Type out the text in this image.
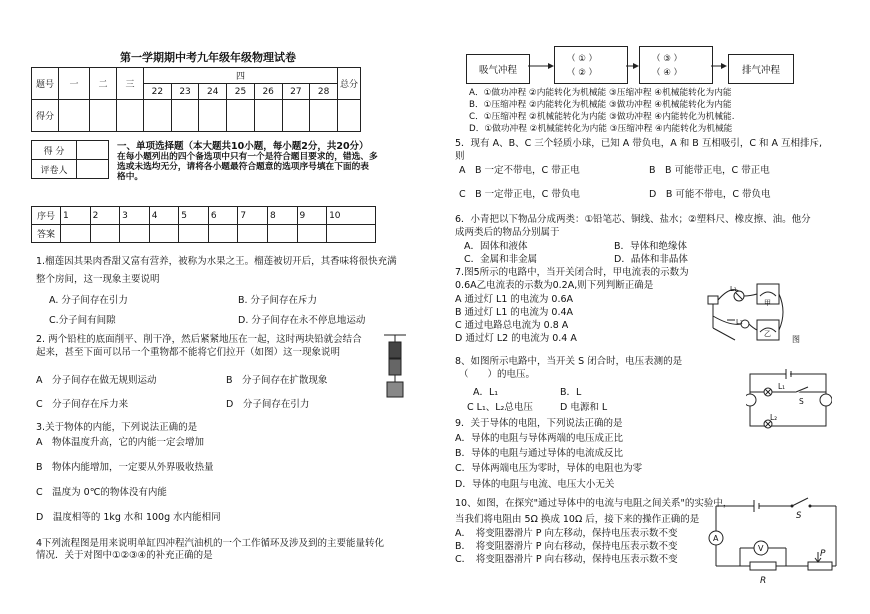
第一学期期中考九年级年级物理试卷
题号	一	二	三	四							总分
				22	23	24	25	26	27	28	
得分											
得 分	
评卷人	
一、单项选择题（本大题共10小题，每小题2分，共20分）
在每小题列出的四个备选项中只有一个是符合题目要求的，错选、多
选或未选均无分，请将各小题最符合题意的选项序号填在下面的表
格中。
序号	1	2	3	4	5	6	7	8	9	10
答案										
1.榴莲因其果肉香甜又富有营养，被称为水果之王。榴莲被切开后，其香味将很快充满
整个房间，这一现象主要说明
A. 分子间存在引力	B. 分子间存在斥力
C.分子间有间隙	D. 分子间存在永不停息地运动
2. 两个铅柱的底面削平、削干净，然后紧紧地压在一起，这时两块铅就会结合
起来，甚至下面可以吊一个重物都不能将它们拉开（如图）这一现象说明
A　分子间存在做无规则运动	B　分子间存在扩散现象
C　分子间存在斥力来	D　分子间存在引力
3.关于物体的内能，下列说法正确的是
A　物体温度升高，它的内能一定会增加
B　物体内能增加，一定要从外界吸收热量
C　温度为 0℃的物体没有内能
D　温度相等的 1kg 水和 100g 水内能相同
4下列流程图是用来说明单缸四冲程汽油机的一个工作循环及涉及到的主要能量转化
情况．关于对图中①②③④的补充正确的是
吸气冲程
（ ① ）
（ ② ）
（ ③ ）
（ ④ ）	排气冲程
A．①做功冲程 ②内能转化为机械能 ③压缩冲程 ④机械能转化为内能
B．①压缩冲程 ②内能转化为机械能 ③做功冲程 ④机械能转化为内能
C．①压缩冲程 ②机械能转化为内能 ③做功冲程 ④内能转化为机械能.
D．①做功冲程 ②机械能转化为内能 ③压缩冲程 ④内能转化为机械能
5．现有 A、B、C 三个轻质小球，已知 A 带负电，A 和 B 互相吸引，C 和 A 互相排斥,
则
A　B 一定不带电，C 带正电	B　B 可能带正电，C 带正电
C　B 一定带正电，C 带负电	D　B 可能不带电，C 带负电
6．小青把以下物品分成两类：①铅笔芯、铜线、盐水；②塑料尺、橡皮擦、油。他分
成两类后的物品分别属于
A．固体和液体	B．导体和绝缘体
C．金属和非金属	D．晶体和非晶体
7.图5所示的电路中，当开关闭合时，甲电流表的示数为
0.6A乙电流表的示数为0.2A,则下列判断正确是
A 通过灯 L1 的电流为 0.6A
B 通过灯 L1 的电流为 0.4A
C 通过电路总电流为 0.8 A
D 通过灯 L2 的电流为 0.4 A
L₁
L₂
甲
乙
图
8、如图所示电路中，当开关 S 闭合时，电压表测的是
（　　）的电压。
A．L₁	B．L
C L₁、L₂总电压	D 电源和 L
L₁
L₂
S
9．关于导体的电阻，下列说法正确的是
A．导体的电阻与导体两端的电压成正比
B．导体的电阻与通过导体的电流成反比
C．导体两端电压为零时，导体的电阻也为零
D．导体的电阻与电流、电压大小无关
10、如图，在探究"通过导体中的电流与电阻之间关系"的实验中，
当我们将电阻由 5Ω 换成 10Ω 后，接下来的操作正确的是
A．　将变阻器滑片 P 向左移动，保持电压表示数不变
B．　将变阻器滑片 P 向右移动，保持电压表示数不变
C．　将变阻器滑片 P 向右移动，保持电压表示数不变
S
A
V
P
R
